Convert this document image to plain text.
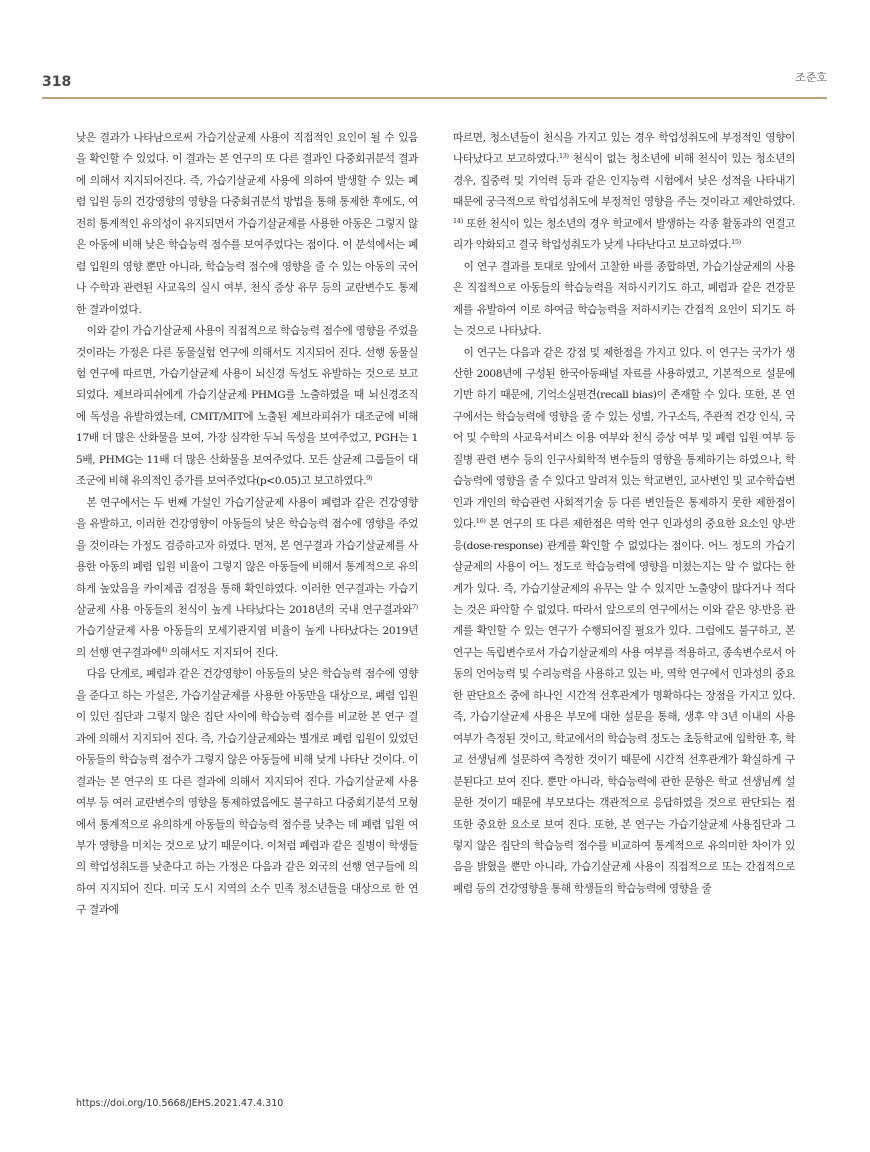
318	조준호

낮은 결과가 나타남으로써 가습기살균제 사용이 직접적인 요인이 될 수 있음을 확인할 수 있었다. 이 결과는 본 연구의 또 다른 결과인 다중회귀분석 결과에 의해서 지지되어진다. 즉, 가습기살균제 사용에 의하여 발생할 수 있는 폐렴 입원 등의 건강영향의 영향을 다중회귀분석 방법을 통해 통제한 후에도, 여전히 통계적인 유의성이 유지되면서 가습기살균제를 사용한 아동은 그렇지 않은 아동에 비해 낮은 학습능력 점수를 보여주었다는 점이다. 이 분석에서는 폐렴 입원의 영향 뿐만 아니라, 학습능력 점수에 영향을 줄 수 있는 아동의 국어나 수학과 관련된 사교육의 실시 여부, 천식 증상 유무 등의 교란변수도 통제한 결과이었다.

이와 같이 가습기살균제 사용이 직접적으로 학습능력 점수에 영향을 주었을 것이라는 가정은 다른 동물실험 연구에 의해서도 지지되어 진다. 선행 동물실험 연구에 따르면, 가습기살균제 사용이 뇌신경 독성도 유발하는 것으로 보고되었다. 제브라피쉬에게 가습기살균제 PHMG를 노출하였을 때 뇌신경조직에 독성을 유발하였는데, CMIT/MIT에 노출된 제브라피쉬가 대조군에 비해 17배 더 많은 산화물을 보여, 가장 심각한 두뇌 독성을 보여주었고, PGH는 15배, PHMG는 11배 더 많은 산화물을 보여주었다. 모든 살균제 그룹들이 대조군에 비해 유의적인 증가를 보여주었다(p<0.05)고 보고하였다.$^{9)}$

본 연구에서는 두 번째 가설인 가습기살균제 사용이 폐렴과 같은 건강영향을 유발하고, 이러한 건강영향이 아동들의 낮은 학습능력 점수에 영향을 주었을 것이라는 가정도 검증하고자 하였다. 먼저, 본 연구결과 가습기살균제를 사용한 아동의 폐렴 입원 비율이 그렇지 않은 아동들에 비해서 통계적으로 유의하게 높았음을 카이제곱 검정을 통해 확인하였다. 이러한 연구결과는 가습기살균제 사용 아동들의 천식이 높게 나타났다는 2018년의 국내 연구결과와$^{7)}$ 가습기살균제 사용 아동들의 모세기관지염 비율이 높게 나타났다는 2019년의 선행 연구결과에$^{4)}$ 의해서도 지지되어 진다.

다음 단계로, 폐렴과 같은 건강영향이 아동들의 낮은 학습능력 점수에 영향을 준다고 하는 가설은, 가습기살균제를 사용한 아동만을 대상으로, 폐렴 입원이 있던 집단과 그렇지 않은 집단 사이에 학습능력 점수를 비교한 본 연구 결과에 의해서 지지되어 진다. 즉, 가습기살균제와는 별개로 폐렴 입원이 있었던 아동들의 학습능력 점수가 그렇지 않은 아동들에 비해 낮게 나타난 것이다. 이 결과는 본 연구의 또 다른 결과에 의해서 지지되어 진다. 가습기살균제 사용 여부 등 여러 교란변수의 영향을 통제하였음에도 불구하고 다중회기분석 모형에서 통계적으로 유의하게 아동들의 학습능력 점수를 낮추는 데 폐렴 입원 여부가 영향을 미치는 것으로 났기 때문이다. 이처럼 폐렴과 같은 질병이 학생들의 학업성취도를 낮춘다고 하는 가정은 다음과 같은 외국의 선행 연구들에 의하여 지지되어 진다. 미국 도시 지역의 소수 민족 청소년들을 대상으로 한 연구 결과에

따르면, 청소년들이 천식을 가지고 있는 경우 학업성취도에 부정적인 영향이 나타났다고 보고하였다.$^{13)}$ 천식이 없는 청소년에 비해 천식이 있는 청소년의 경우, 집중력 및 기억력 등과 같은 인지능력 시험에서 낮은 성적을 나타내기 때문에 궁극적으로 학업성취도에 부정적인 영향을 주는 것이라고 제안하였다.$^{14)}$ 또한 천식이 있는 청소년의 경우 학교에서 발생하는 각종 활동과의 연결고리가 약화되고 결국 학업성취도가 낮게 나타난다고 보고하였다.$^{15)}$

이 연구 결과를 토대로 앞에서 고찰한 바를 종합하면, 가습기살균제의 사용은 직접적으로 아동들의 학습능력을 저하시키기도 하고, 폐렴과 같은 건강문제를 유발하여 이로 하여금 학습능력을 저하시키는 간접적 요인이 되기도 하는 것으로 나타났다.

이 연구는 다음과 같은 강점 및 제한점을 가지고 있다. 이 연구는 국가가 생산한 2008년에 구성된 한국아동패널 자료를 사용하였고, 기본적으로 설문에 기반 하기 때문에, 기억소실편견(recall bias)이 존재할 수 있다. 또한, 본 연구에서는 학습능력에 영향을 줄 수 있는 성별, 가구소득, 주관적 건강 인식, 국어 및 수학의 사교육서비스 이용 여부와 천식 증상 여부 및 폐렴 입원 여부 등 질병 관련 변수 등의 인구사회학적 변수들의 영향을 통제하기는 하였으나, 학습능력에 영향을 줄 수 있다고 알려져 있는 학교변인, 교사변인 및 교수학습변인과 개인의 학습관련 사회적기술 등 다른 변인들은 통제하지 못한 제한점이 있다.$^{16)}$ 본 연구의 또 다른 제한점은 역학 연구 인과성의 중요한 요소인 양-반응(dose-response) 관계를 확인할 수 없었다는 점이다. 어느 정도의 가습기살균제의 사용이 어느 정도로 학습능력에 영향을 미쳤는지는 알 수 없다는 한계가 있다. 즉, 가습기살균제의 유무는 알 수 있지만 노출양이 많다거나 적다는 것은 파악할 수 없었다. 따라서 앞으로의 연구에서는 이와 같은 양-반응 관계를 확인할 수 있는 연구가 수행되어질 필요가 있다. 그럼에도 불구하고, 본 연구는 독립변수로서 가습기살균제의 사용 여부를 적용하고, 종속변수로서 아동의 언어능력 및 수리능력을 사용하고 있는 바, 역학 연구에서 인과성의 중요한 판단요소 중에 하나인 시간적 선후관계가 명확하다는 장점을 가지고 있다. 즉, 가습기살균제 사용은 부모에 대한 설문을 통해, 생후 약 3년 이내의 사용 여부가 측정된 것이고, 학교에서의 학습능력 정도는 초등학교에 입학한 후, 학교 선생님께 설문하여 측정한 것이기 때문에 시간적 선후관계가 확실하게 구분된다고 보여 진다. 뿐만 아니라, 학습능력에 관한 문항은 학교 선생님께 설문한 것이기 때문에 부모보다는 객관적으로 응답하였을 것으로 판단되는 점 또한 중요한 요소로 보여 진다. 또한, 본 연구는 가습기살균제 사용집단과 그렇지 않은 집단의 학습능력 점수를 비교하여 통계적으로 유의미한 차이가 있음을 밝혔을 뿐만 아니라, 가습기살균제 사용이 직접적으로 또는 간접적으로 폐렴 등의 건강영향을 통해 학생들의 학습능력에 영향을 줄

https://doi.org/10.5668/JEHS.2021.47.4.310
